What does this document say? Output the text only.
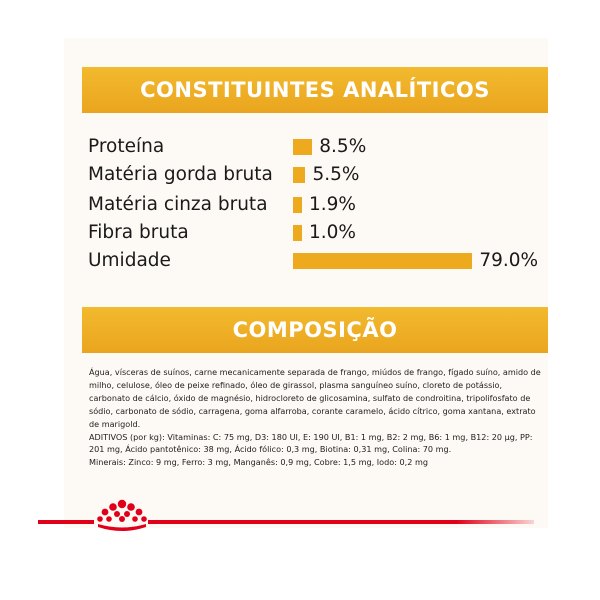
CONSTITUINTES ANALÍTICOS
Proteína	8.5%
Matéria gorda bruta 5.5%
Matéria cinza bruta 1.9%
Fibra bruta	1.0%
Umidade	79.0%
COMPOSIÇÃO

Água, vísceras de suínos, carne mecanicamente separada de frango, miúdos de frango, fígado suíno, amido de milho, celulose, óleo de peixe refinado, óleo de girassol, plasma sanguíneo suíno, cloreto de potássio, carbonato de cálcio, óxido de magnésio, hidrocloreto de glicosamina, sulfato de condroitina, tripolifosfato de sódio, carbonato de sódio, carragena, goma alfarroba, corante caramelo, ácido cítrico, goma xantana, extrato de marigold.

ADITIVOS (por kg): Vitaminas: C: 75 mg, D3: 180 UI, E: 190 UI, B1: 1 mg, B2: 2 mg, B6: 1 mg, B12: 20 µg, PP: 201 mg, Ácido pantotênico: 38 mg, Ácido fólico: 0,3 mg, Biotina: 0,31 mg, Colina: 70 mg.

Minerais: Zinco: 9 mg, Ferro: 3 mg, Manganês: 0,9 mg, Cobre: 1,5 mg, Iodo: 0,2 mg
